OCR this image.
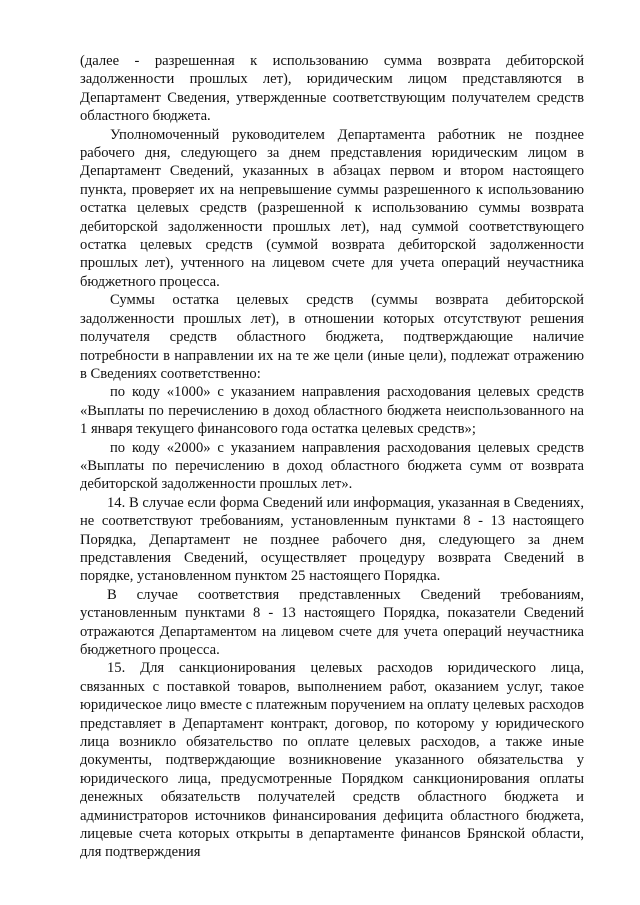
(далее - разрешенная к использованию сумма возврата дебиторской задолженности прошлых лет), юридическим лицом представляются в Департамент Сведения, утвержденные соответствующим получателем средств областного бюджета.

Уполномоченный руководителем Департамента работник не позднее рабочего дня, следующего за днем представления юридическим лицом в Департамент Сведений, указанных в абзацах первом и втором настоящего пункта, проверяет их на непревышение суммы разрешенного к использованию остатка целевых средств (разрешенной к использованию суммы возврата дебиторской задолженности прошлых лет), над суммой соответствующего остатка целевых средств (суммой возврата дебиторской задолженности прошлых лет), учтенного на лицевом счете для учета операций неучастника бюджетного процесса.

Суммы остатка целевых средств (суммы возврата дебиторской задолженности прошлых лет), в отношении которых отсутствуют решения получателя средств областного бюджета, подтверждающие наличие потребности в направлении их на те же цели (иные цели), подлежат отражению в Сведениях соответственно:

по коду «1000» с указанием направления расходования целевых средств «Выплаты по перечислению в доход областного бюджета неиспользованного на 1 января текущего финансового года остатка целевых средств»;

по коду «2000» с указанием направления расходования целевых средств «Выплаты по перечислению в доход областного бюджета сумм от возврата дебиторской задолженности прошлых лет».

14. В случае если форма Сведений или информация, указанная в Сведениях, не соответствуют требованиям, установленным пунктами 8 - 13 настоящего Порядка, Департамент не позднее рабочего дня, следующего за днем представления Сведений, осуществляет процедуру возврата Сведений в порядке, установленном пунктом 25 настоящего Порядка.

В случае соответствия представленных Сведений требованиям, установленным пунктами 8 - 13 настоящего Порядка, показатели Сведений отражаются Департаментом на лицевом счете для учета операций неучастника бюджетного процесса.

15. Для санкционирования целевых расходов юридического лица, связанных с поставкой товаров, выполнением работ, оказанием услуг, такое юридическое лицо вместе с платежным поручением на оплату целевых расходов представляет в Департамент контракт, договор, по которому у юридического лица возникло обязательство по оплате целевых расходов, а также иные документы, подтверждающие возникновение указанного обязательства у юридического лица, предусмотренные Порядком санкционирования оплаты денежных обязательств получателей средств областного бюджета и администраторов источников финансирования дефицита областного бюджета, лицевые счета которых открыты в департаменте финансов Брянской области, для подтверждения
